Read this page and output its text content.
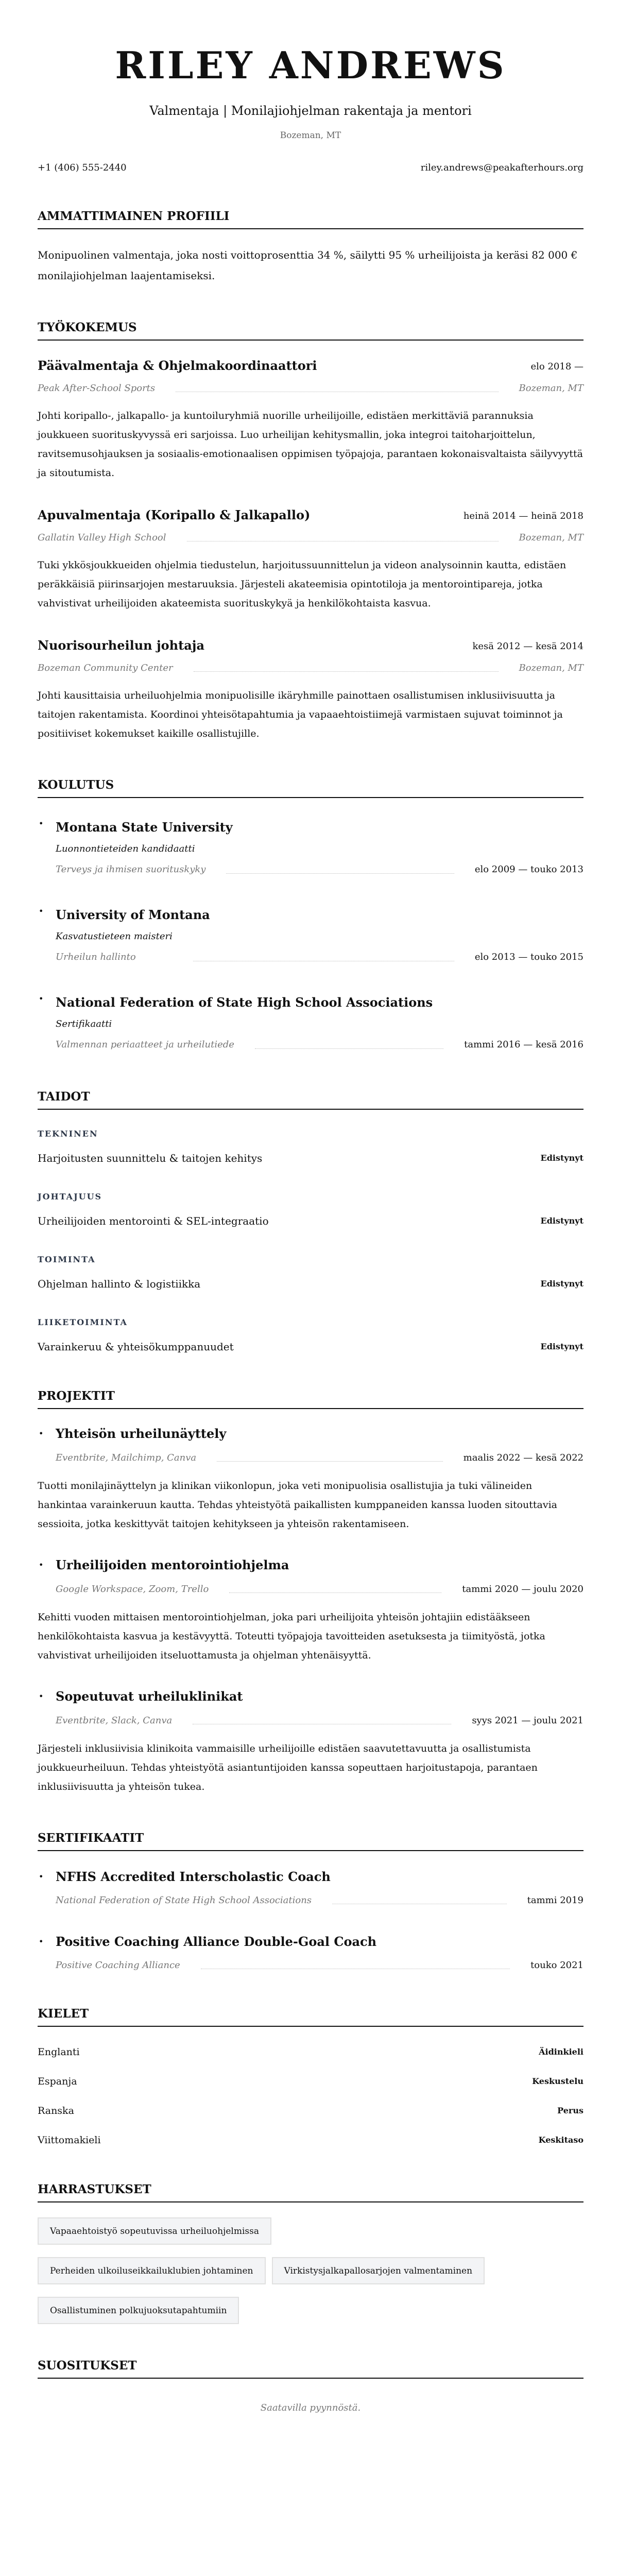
RILEY ANDREWS
Valmentaja | Monilajiohjelman rakentaja ja mentori
Bozeman, MT
+1 (406) 555-2440	riley.andrews@peakafterhours.org
AMMATTIMAINEN PROFIILI

Monipuolinen valmentaja, joka nosti voittoprosenttia 34 %, säilytti 95 % urheilijoista ja keräsi 82 000 € monilajiohjelman laajentamiseksi.

TYÖKOKEMUS
Päävalmentaja & Ohjelmakoordinaattori	elo 2018 —
Peak After-School Sports	Bozeman, MT

Johti koripallo-, jalkapallo- ja kuntoiluryhmiä nuorille urheilijoille, edistäen merkittäviä parannuksia joukkueen suorituskyvyssä eri sarjoissa. Luo urheilijan kehitysmallin, joka integroi taitoharjoittelun, ravitsemusohjauksen ja sosiaalis-emotionaalisen oppimisen työpajoja, parantaen kokonaisvaltaista säilyvyyttä ja sitoutumista.

Apuvalmentaja (Koripallo & Jalkapallo)	heinä 2014 — heinä 2018
Gallatin Valley High School	Bozeman, MT

Tuki ykkösjoukkueiden ohjelmia tiedustelun, harjoitussuunnittelun ja videon analysoinnin kautta, edistäen peräkkäisiä piirinsarjojen mestaruuksia. Järjesteli akateemisia opintotiloja ja mentorointipareja, jotka vahvistivat urheilijoiden akateemista suorituskykyä ja henkilökohtaista kasvua.

Nuorisourheilun johtaja	kesä 2012 — kesä 2014
Bozeman Community Center	Bozeman, MT

Johti kausittaisia urheiluohjelmia monipuolisille ikäryhmille painottaen osallistumisen inklusiivisuutta ja taitojen rakentamista. Koordinoi yhteisötapahtumia ja vapaaehtoistiimejä varmistaen sujuvat toiminnot ja positiiviset kokemukset kaikille osallistujille.

KOULUTUS
• Montana State University
Luonnontieteiden kandidaatti
Terveys ja ihmisen suorituskyky	elo 2009 — touko 2013
• University of Montana
Kasvatustieteen maisteri
Urheilun hallinto	elo 2013 — touko 2015
• National Federation of State High School Associations
Sertifikaatti
Valmennan periaatteet ja urheilutiede	tammi 2016 — kesä 2016
TAIDOT
TEKNINEN
Harjoitusten suunnittelu & taitojen kehitys	Edistynyt
JOHTAJUUS
Urheilijoiden mentorointi & SEL-integraatio	Edistynyt
TOIMINTA
Ohjelman hallinto & logistiikka	Edistynyt
LIIKETOIMINTA
Varainkeruu & yhteisökumppanuudet	Edistynyt
PROJEKTIT
• Yhteisön urheilunäyttely
Eventbrite, Mailchimp, Canva	maalis 2022 — kesä 2022

Tuotti monilajinäyttelyn ja klinikan viikonlopun, joka veti monipuolisia osallistujia ja tuki välineiden hankintaa varainkeruun kautta. Tehdas yhteistyötä paikallisten kumppaneiden kanssa luoden sitouttavia sessioita, jotka keskittyvät taitojen kehitykseen ja yhteisön rakentamiseen.

• Urheilijoiden mentorointiohjelma
Google Workspace, Zoom, Trello	tammi 2020 — joulu 2020

Kehitti vuoden mittaisen mentorointiohjelman, joka pari urheilijoita yhteisön johtajiin edistääkseen henkilökohtaista kasvua ja kestävyyttä. Toteutti työpajoja tavoitteiden asetuksesta ja tiimityöstä, jotka vahvistivat urheilijoiden itseluottamusta ja ohjelman yhtenäisyyttä.

• Sopeutuvat urheiluklinikat
Eventbrite, Slack, Canva	syys 2021 — joulu 2021

Järjesteli inklusiivisia klinikoita vammaisille urheilijoille edistäen saavutettavuutta ja osallistumista joukkueurheiluun. Tehdas yhteistyötä asiantuntijoiden kanssa sopeuttaen harjoitustapoja, parantaen inklusiivisuutta ja yhteisön tukea.

SERTIFIKAATIT
• NFHS Accredited Interscholastic Coach
National Federation of State High School Associations	tammi 2019
• Positive Coaching Alliance Double-Goal Coach
Positive Coaching Alliance	touko 2021
KIELET
Englanti	Äidinkieli
Espanja	Keskustelu
Ranska	Perus
Viittomakieli	Keskitaso
HARRASTUKSET
Vapaaehtoistyö sopeutuvissa urheiluohjelmissa
Perheiden ulkoiluseikkailuklubien johtaminen	Virkistysjalkapallosarjojen valmentaminen
Osallistuminen polkujuoksutapahtumiin
SUOSITUKSET

Saatavilla pyynnöstä.
